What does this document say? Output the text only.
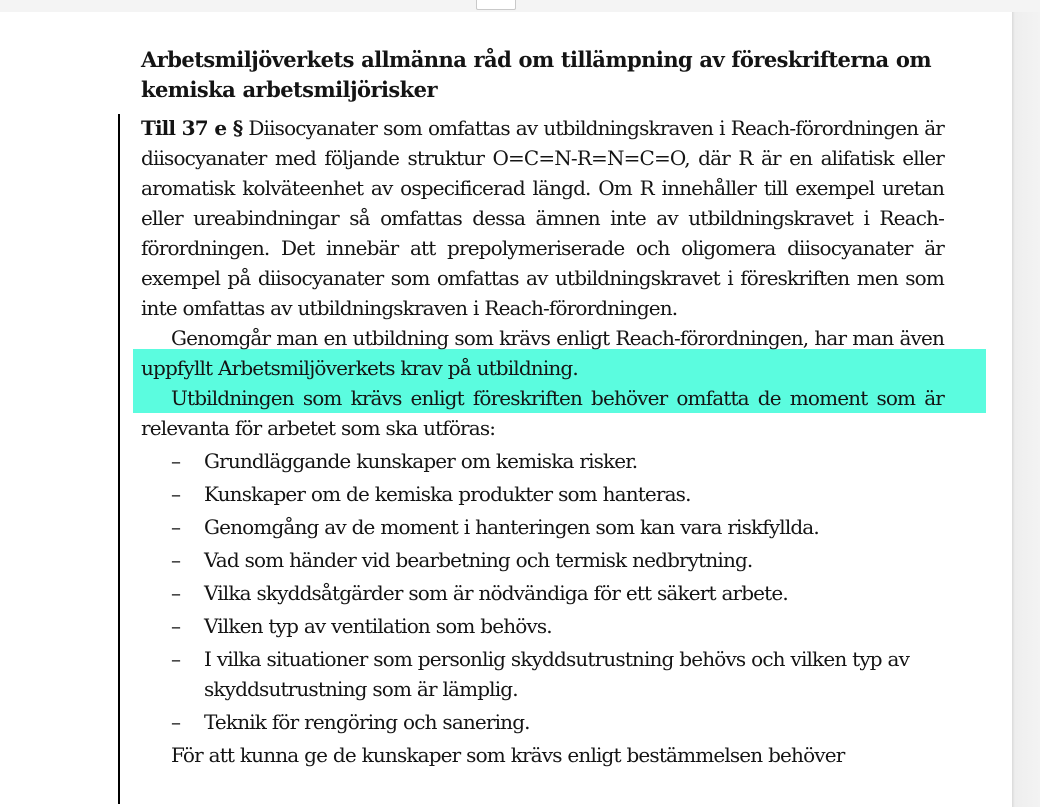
Arbetsmiljöverkets allmänna råd om tillämpning av föreskrifterna om kemiska arbetsmiljörisker

Till 37 e § Diisocyanater som omfattas av utbildningskraven i Reach-förordningen är diisocyanater med följande struktur O=C=N-R=N=C=O, där R är en alifatisk eller aromatisk kolväteenhet av ospecificerad längd. Om R innehåller till exempel uretan eller ureabindningar så omfattas dessa ämnen inte av utbildningskravet i Reach-förordningen. Det innebär att prepolymeriserade och oligomera diisocyanater är exempel på diisocyanater som omfattas av utbildningskravet i föreskriften men som inte omfattas av utbildningskraven i Reach-förordningen.

Genomgår man en utbildning som krävs enligt Reach-förordningen, har man även uppfyllt Arbetsmiljöverkets krav på utbildning.

Utbildningen som krävs enligt föreskriften behöver omfatta de moment som är relevanta för arbetet som ska utföras:

– Grundläggande kunskaper om kemiska risker.
– Kunskaper om de kemiska produkter som hanteras.
– Genomgång av de moment i hanteringen som kan vara riskfyllda.
– Vad som händer vid bearbetning och termisk nedbrytning.
– Vilka skyddsåtgärder som är nödvändiga för ett säkert arbete.
– Vilken typ av ventilation som behövs.
– I vilka situationer som personlig skyddsutrustning behövs och vilken typ av skyddsutrustning som är lämplig.
– Teknik för rengöring och sanering.

För att kunna ge de kunskaper som krävs enligt bestämmelsen behöver
